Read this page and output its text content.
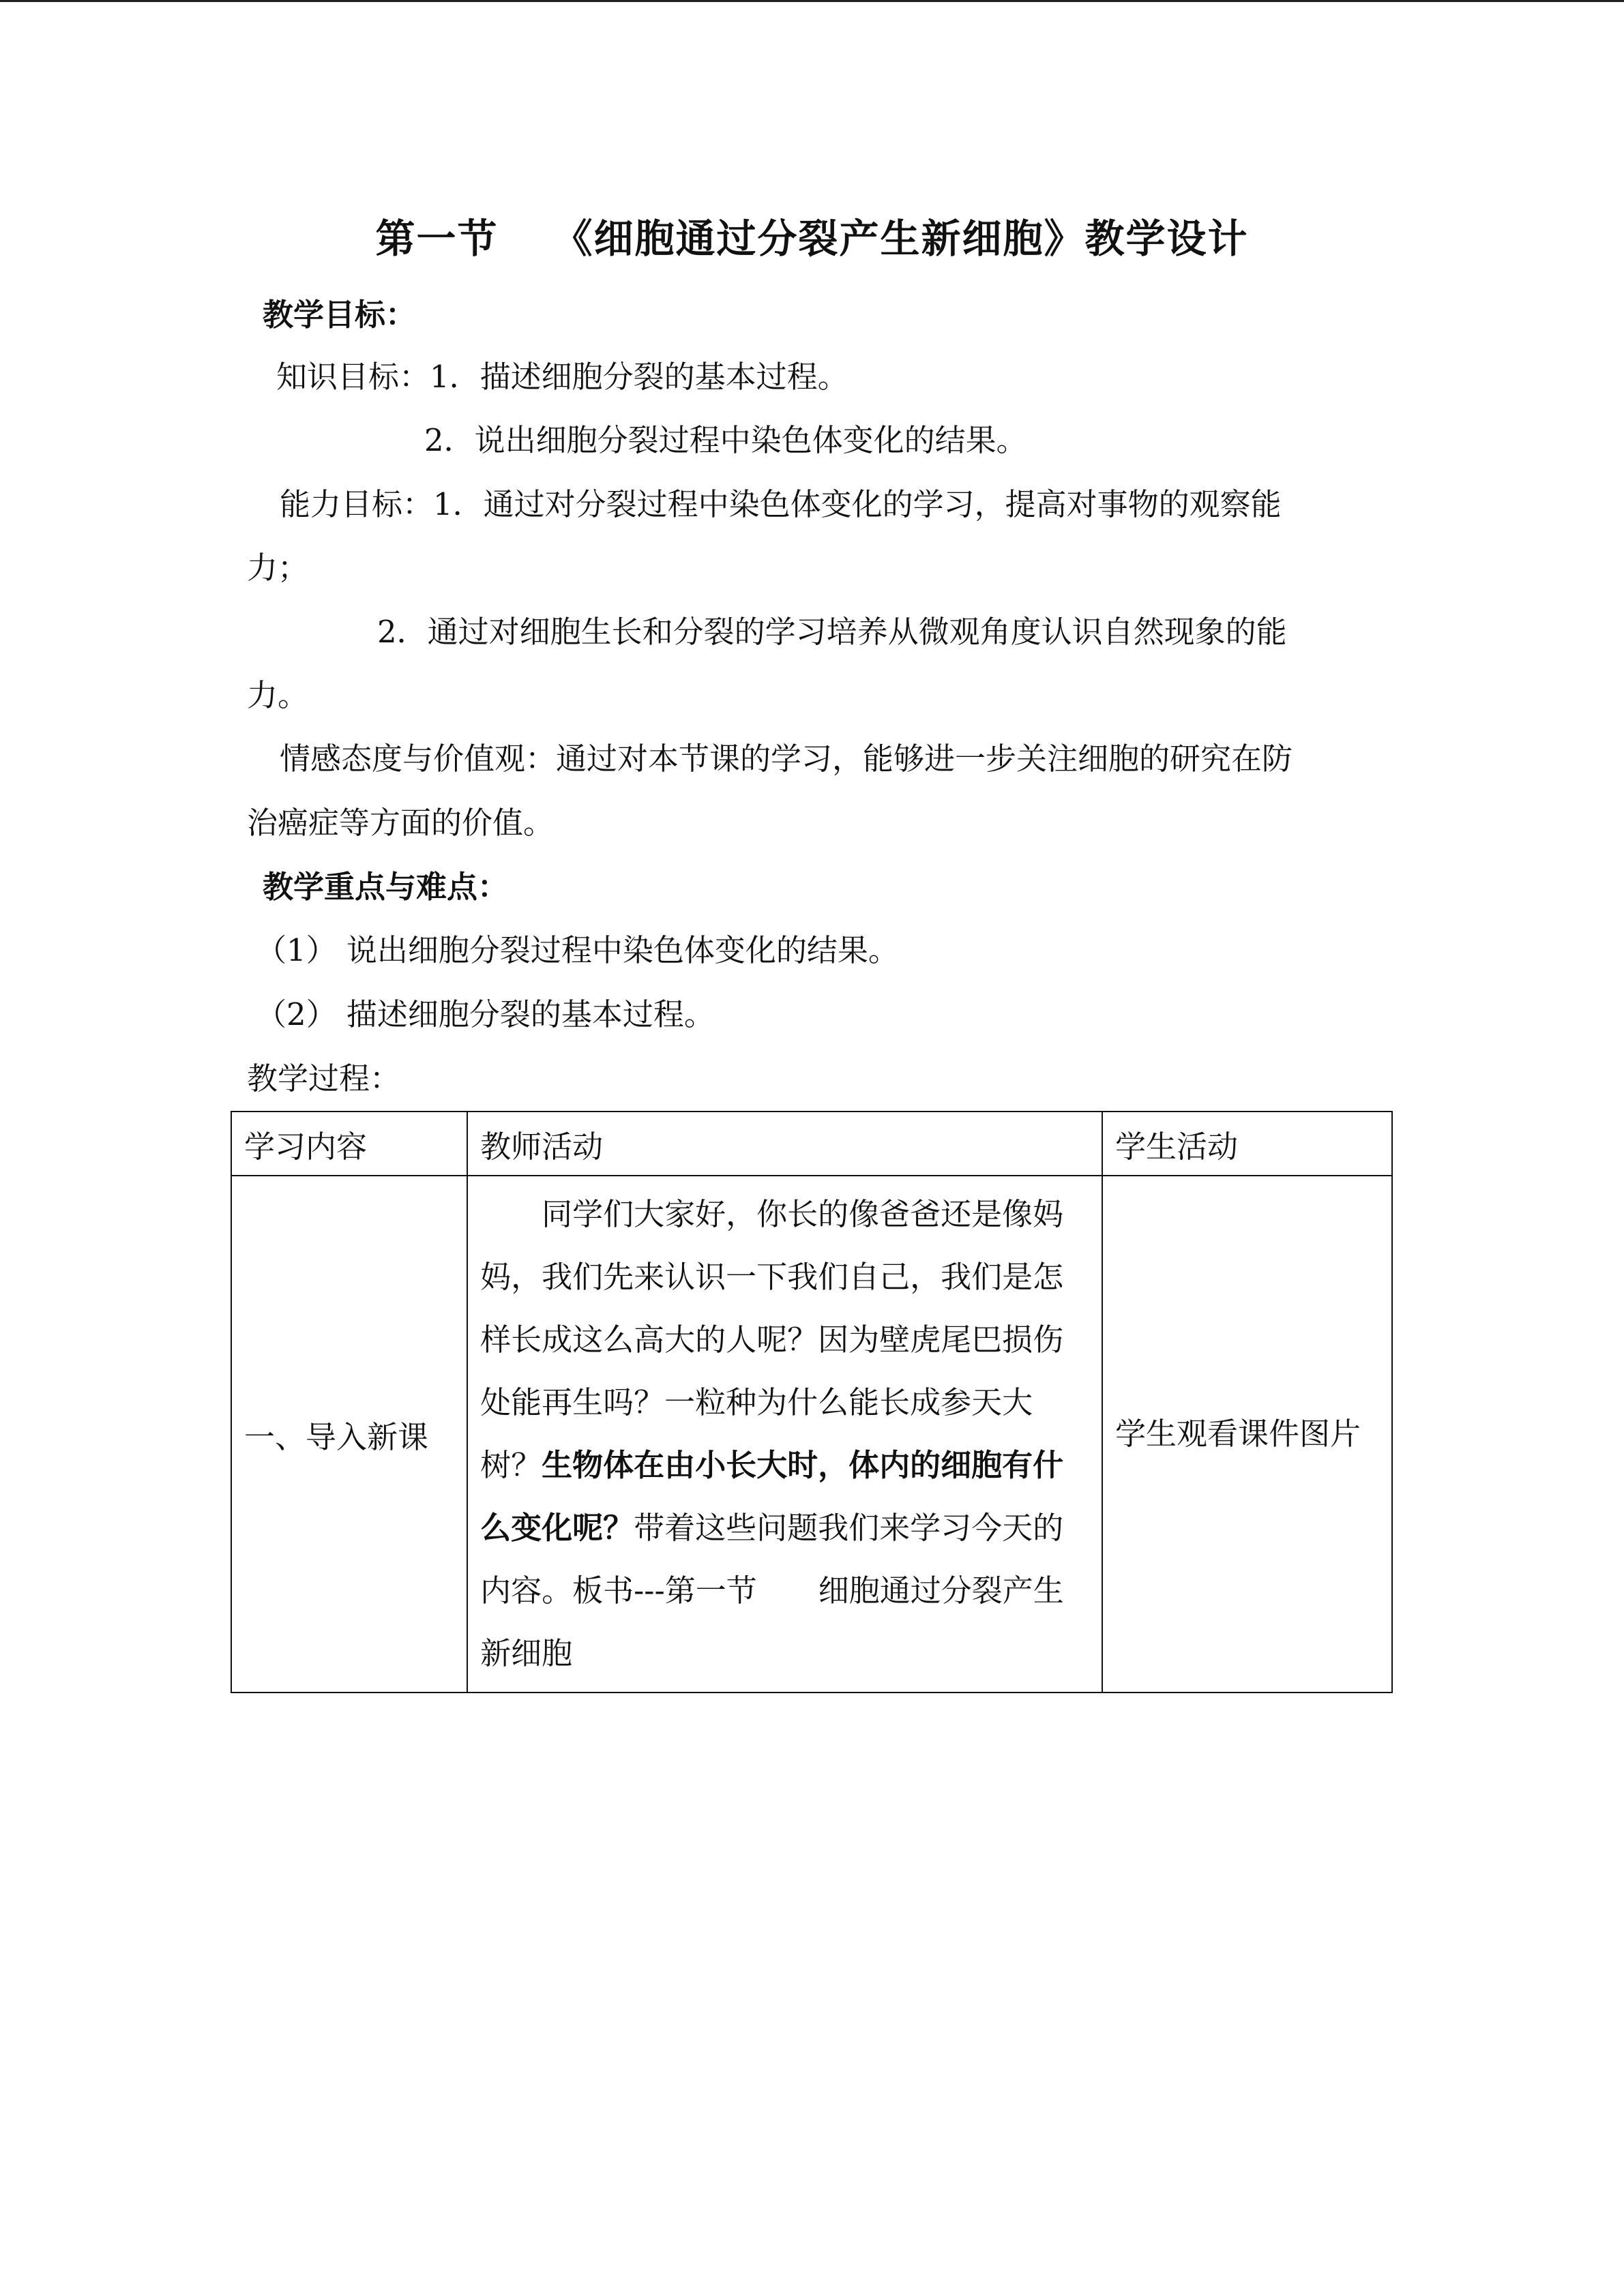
第一节 《细胞通过分裂产生新细胞》教学设计
教学目标：
知识目标：1．描述细胞分裂的基本过程。
2．说出细胞分裂过程中染色体变化的结果。
能力目标：1．通过对分裂过程中染色体变化的学习，提高对事物的观察能
力；
2．通过对细胞生长和分裂的学习培养从微观角度认识自然现象的能
力。
情感态度与价值观：通过对本节课的学习，能够进一步关注细胞的研究在防
治癌症等方面的价值。
教学重点与难点：
（1） 说出细胞分裂过程中染色体变化的结果。
（2） 描述细胞分裂的基本过程。
教学过程：
学习内容	教师活动	学生活动
一、导入新课	同学们大家好，你长的像爸爸还是像妈妈，我们先来认识一下我们自己，我们是怎样长成这么高大的人呢？因为壁虎尾巴损伤处能再生吗？一粒种为什么能长成参天大树？生物体在由小长大时，体内的细胞有什么变化呢？带着这些问题我们来学习今天的内容。板书---第一节　　细胞通过分裂产生新细胞	学生观看课件图片
